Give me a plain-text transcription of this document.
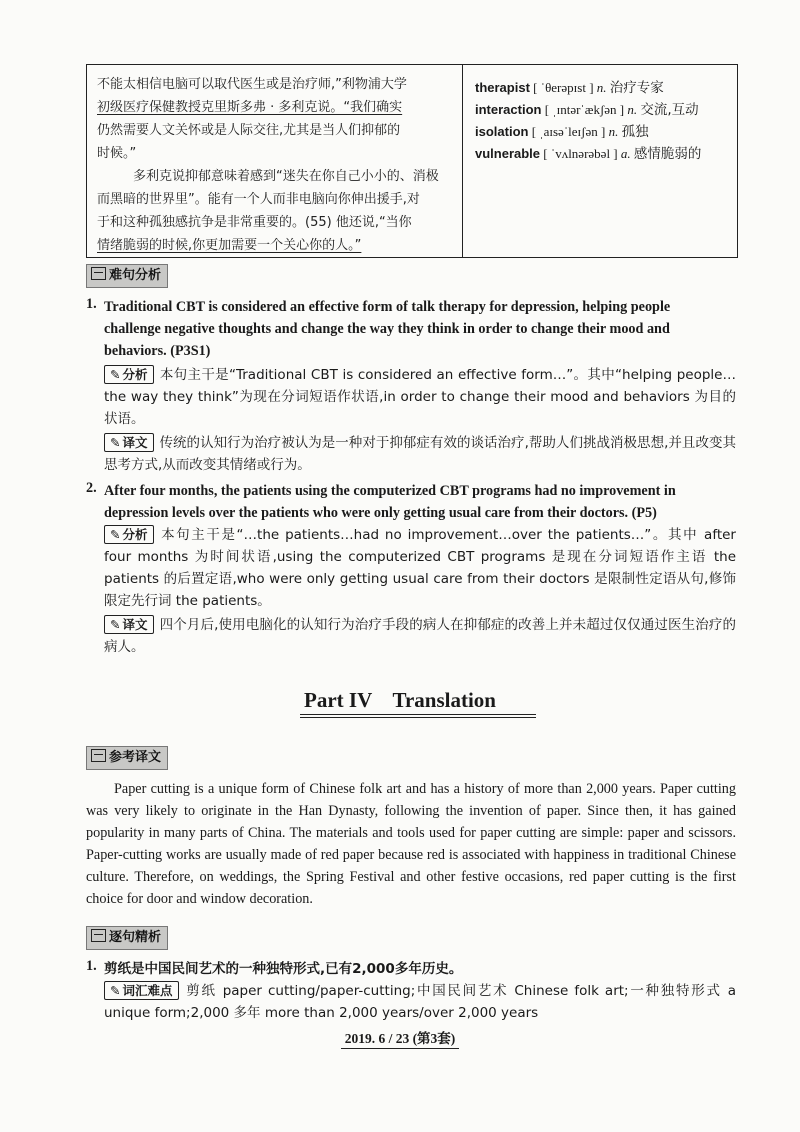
不能太相信电脑可以取代医生或是治疗师,”利物浦大学
初级医疗保健教授克里斯多弗 · 多利克说。“我们确实
仍然需要人文关怀或是人际交往,尤其是当人们抑郁的
时候。”
多利克说抑郁意味着感到“迷失在你自己小小的、消极
而黑暗的世界里”。能有一个人而非电脑向你伸出援手,对
于和这种孤独感抗争是非常重要的。(55) 他还说,“当你
情绪脆弱的时候,你更加需要一个关心你的人。”
therapist [ ˈθerəpɪst ] n. 治疗专家
interaction [ ˌɪntərˈækʃən ] n. 交流,互动
isolation [ ˌaɪsəˈleɪʃən ] n. 孤独
vulnerable [ ˈvʌlnərəbəl ] a. 感情脆弱的
难句分析
1. Traditional CBT is considered an effective form of talk therapy for depression, helping people
challenge negative thoughts and change the way they think in order to change their mood and
behaviors. (P3S1)
✎ 分析 本句主干是“Traditional CBT is considered an effective form…”。其中“helping people…the way they think”为现在分词短语作状语,in order to change their mood and behaviors 为目的状语。
✎ 译文 传统的认知行为治疗被认为是一种对于抑郁症有效的谈话治疗,帮助人们挑战消极思想,并且改变其思考方式,从而改变其情绪或行为。
2. After four months, the patients using the computerized CBT programs had no improvement in
depression levels over the patients who were only getting usual care from their doctors. (P5)
✎ 分析 本句主干是“…the patients…had no improvement…over the patients…”。其中 after four months 为时间状语,using the computerized CBT programs 是现在分词短语作主语 the patients 的后置定语,who were only getting usual care from their doctors 是限制性定语从句,修饰限定先行词 the patients。
✎ 译文 四个月后,使用电脑化的认知行为治疗手段的病人在抑郁症的改善上并未超过仅仅通过医生治疗的病人。
Part IV    Translation
参考译文
Paper cutting is a unique form of Chinese folk art and has a history of more than 2,000 years. Paper cutting was very likely to originate in the Han Dynasty, following the invention of paper. Since then, it has gained popularity in many parts of China. The materials and tools used for paper cutting are simple: paper and scissors. Paper-cutting works are usually made of red paper because red is associated with happiness in traditional Chinese culture. Therefore, on weddings, the Spring Festival and other festive occasions, red paper cutting is the first choice for door and window decoration.
逐句精析
1. 剪纸是中国民间艺术的一种独特形式,已有2,000多年历史。
✎ 词汇难点 剪纸 paper cutting/paper-cutting;中国民间艺术 Chinese folk art;一种独特形式 a unique form;2,000 多年 more than 2,000 years/over 2,000 years
2019. 6 / 23 (第3套)
